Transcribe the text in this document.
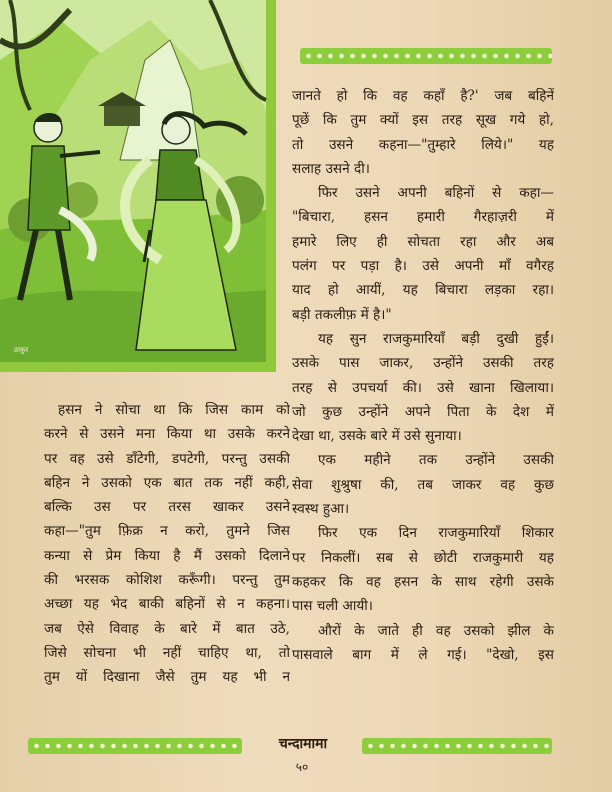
ठाकुर

जानते हो कि वह कहाँ है?' जब बहिनें

पूछें कि तुम क्यों इस तरह सूख गये हो,

तो उसने कहना—"तुम्हारे लिये।" यह

सलाह उसने दी।

फिर उसने अपनी बहिनों से कहा—

"बिचारा, हसन हमारी गैरहाज़री में

हमारे लिए ही सोचता रहा और अब

पलंग पर पड़ा है। उसे अपनी माँ वगैरह

याद हो आयीं, यह बिचारा लड़का रहा।

बड़ी तकलीफ़ में है।"

यह सुन राजकुमारियाँ बड़ी दुखी हुईं।

उसके पास जाकर, उन्होंने उसकी तरह

तरह से उपचर्या की। उसे खाना खिलाया।

जो कुछ उन्होंने अपने पिता के देश में

देखा था, उसके बारे में उसे सुनाया।

एक महीने तक उन्होंने उसकी

सेवा शुश्रुषा की, तब जाकर वह कुछ

स्वस्थ हुआ।

फिर एक दिन राजकुमारियाँ शिकार

पर निकलीं। सब से छोटी राजकुमारी यह

कहकर कि वह हसन के साथ रहेगी उसके

पास चली आयी।

औरों के जाते ही वह उसको झील के

पासवाले बाग में ले गई। "देखो, इस

हसन ने सोचा था कि जिस काम को

करने से उसने मना किया था उसके करने

पर वह उसे डाँटेगी, डपटेगी, परन्तु उसकी

बहिन ने उसको एक बात तक नहीं कही,

बल्कि उस पर तरस खाकर उसने

कहा—"तुम फ़िक्र न करो, तुमने जिस

कन्या से प्रेम किया है मैं उसको दिलाने

की भरसक कोशिश करूँगी। परन्तु तुम

अच्छा यह भेद बाकी बहिनों से न कहना।

जब ऐसे विवाह के बारे में बात उठे,

जिसे सोचना भी नहीं चाहिए था, तो

तुम यों दिखाना जैसे तुम यह भी न

चन्दामामा
५०
